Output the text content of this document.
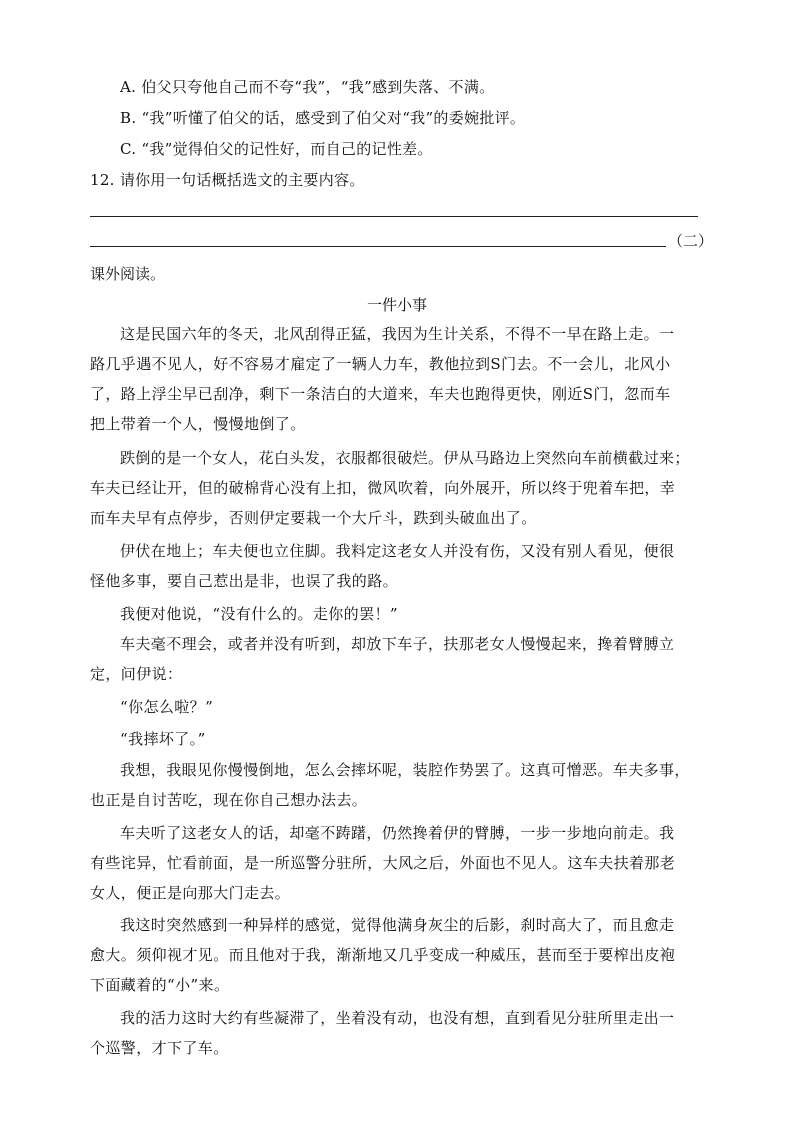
A. 伯父只夸他自己而不夸“我”，“我”感到失落、不满。
B. “我”听懂了伯父的话，感受到了伯父对“我”的委婉批评。
C. “我”觉得伯父的记性好，而自己的记性差。
12. 请你用一句话概括选文的主要内容。
（二）
课外阅读。
一件小事
这是民国六年的冬天，北风刮得正猛，我因为生计关系，不得不一早在路上走。一
路几乎遇不见人，好不容易才雇定了一辆人力车，教他拉到S门去。不一会儿，北风小
了，路上浮尘早已刮净，剩下一条洁白的大道来，车夫也跑得更快，刚近S门，忽而车
把上带着一个人，慢慢地倒了。
跌倒的是一个女人，花白头发，衣服都很破烂。伊从马路边上突然向车前横截过来；
车夫已经让开，但的破棉背心没有上扣，微风吹着，向外展开，所以终于兜着车把，幸
而车夫早有点停步，否则伊定要栽一个大斤斗，跌到头破血出了。
伊伏在地上；车夫便也立住脚。我料定这老女人并没有伤，又没有别人看见，便很
怪他多事，要自己惹出是非，也误了我的路。
我便对他说，“没有什么的。走你的罢！”
车夫毫不理会，或者并没有听到，却放下车子，扶那老女人慢慢起来，搀着臂膊立
定，问伊说：
“你怎么啦？”
“我摔坏了。”
我想，我眼见你慢慢倒地，怎么会摔坏呢，装腔作势罢了。这真可憎恶。车夫多事，
也正是自讨苦吃，现在你自己想办法去。
车夫听了这老女人的话，却毫不踌躇，仍然搀着伊的臂膊，一步一步地向前走。我
有些诧异，忙看前面，是一所巡警分驻所，大风之后，外面也不见人。这车夫扶着那老
女人，便正是向那大门走去。
我这时突然感到一种异样的感觉，觉得他满身灰尘的后影，刹时高大了，而且愈走
愈大。须仰视才见。而且他对于我，渐渐地又几乎变成一种威压，甚而至于要榨出皮袍
下面藏着的“小”来。
我的活力这时大约有些凝滞了，坐着没有动，也没有想，直到看见分驻所里走出一
个巡警，才下了车。
